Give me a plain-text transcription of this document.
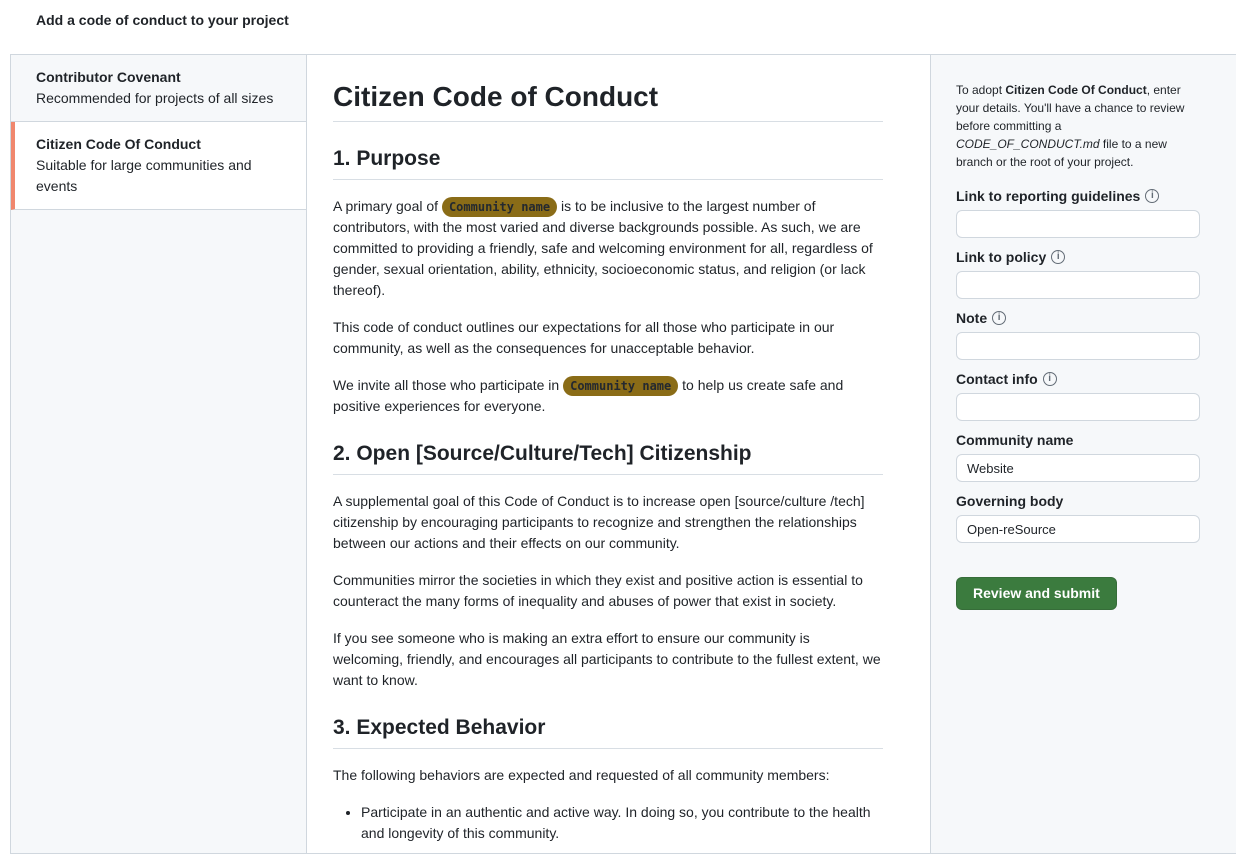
Add a code of conduct to your project
Contributor Covenant
Recommended for projects of all sizes
Citizen Code Of Conduct
Suitable for large communities and events
Citizen Code of Conduct
1. Purpose

A primary goal of Community name is to be inclusive to the largest number of contributors, with the most varied and diverse backgrounds possible. As such, we are committed to providing a friendly, safe and welcoming environment for all, regardless of gender, sexual orientation, ability, ethnicity, socioeconomic status, and religion (or lack thereof).

This code of conduct outlines our expectations for all those who participate in our community, as well as the consequences for unacceptable behavior.

We invite all those who participate in Community name to help us create safe and positive experiences for everyone.

2. Open [Source/Culture/Tech] Citizenship

A supplemental goal of this Code of Conduct is to increase open [source/culture /tech] citizenship by encouraging participants to recognize and strengthen the relationships between our actions and their effects on our community.

Communities mirror the societies in which they exist and positive action is essential to counteract the many forms of inequality and abuses of power that exist in society.

If you see someone who is making an extra effort to ensure our community is welcoming, friendly, and encourages all participants to contribute to the fullest extent, we want to know.

3. Expected Behavior

The following behaviors are expected and requested of all community members:

• Participate in an authentic and active way. In doing so, you contribute to the health and longevity of this community.

To adopt Citizen Code Of Conduct, enter your details. You'll have a chance to review before committing a CODE_OF_CONDUCT.md file to a new branch or the root of your project.

Link to reporting guidelines	i
Link to policy	i
Note	i
Contact info	i
Community name
Website
Governing body
Open-reSource
Review and submit
